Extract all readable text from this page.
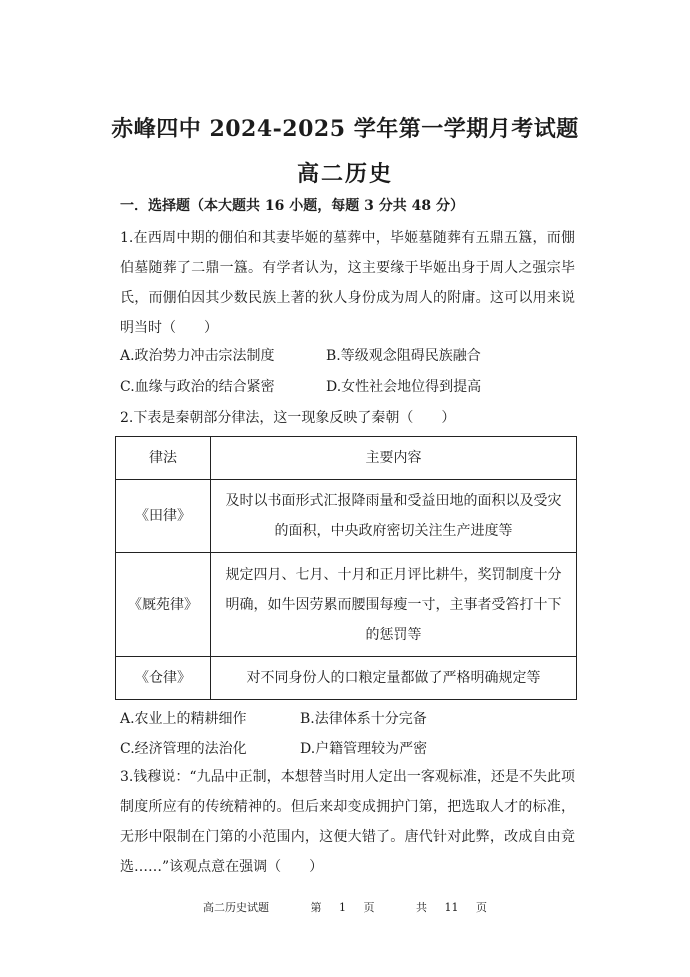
赤峰四中 2024-2025 学年第一学期月考试题
高二历史
一．选择题（本大题共 16 小题，每题 3 分共 48 分）
1.在西周中期的倗伯和其妻毕姬的墓葬中，毕姬墓随葬有五鼎五簋，而倗伯墓随葬了二鼎一簋。有学者认为，这主要缘于毕姬出身于周人之强宗毕氏，而倗伯因其少数民族上著的狄人身份成为周人的附庸。这可以用来说明当时（　　）
A.政治势力冲击宗法制度	B.等级观念阻碍民族融合
C.血缘与政治的结合紧密	D.女性社会地位得到提高
2.下表是秦朝部分律法，这一现象反映了秦朝（　　）
律法	主要内容
《田律》	及时以书面形式汇报降雨量和受益田地的面积以及受灾的面积，中央政府密切关注生产进度等
《厩苑律》	规定四月、七月、十月和正月评比耕牛，奖罚制度十分明确，如牛因劳累而腰围每瘦一寸，主事者受笞打十下的惩罚等
《仓律》	对不同身份人的口粮定量都做了严格明确规定等
A.农业上的精耕细作	B.法律体系十分完备
C.经济管理的法治化	D.户籍管理较为严密
3.钱穆说：“九品中正制，本想替当时用人定出一客观标准，还是不失此项制度所应有的传统精神的。但后来却变成拥护门第，把选取人才的标准，无形中限制在门第的小范围内，这便大错了。唐代针对此弊，改成自由竞选……”该观点意在强调（　　）
高二历史试题	第 1 页	共 11 页
